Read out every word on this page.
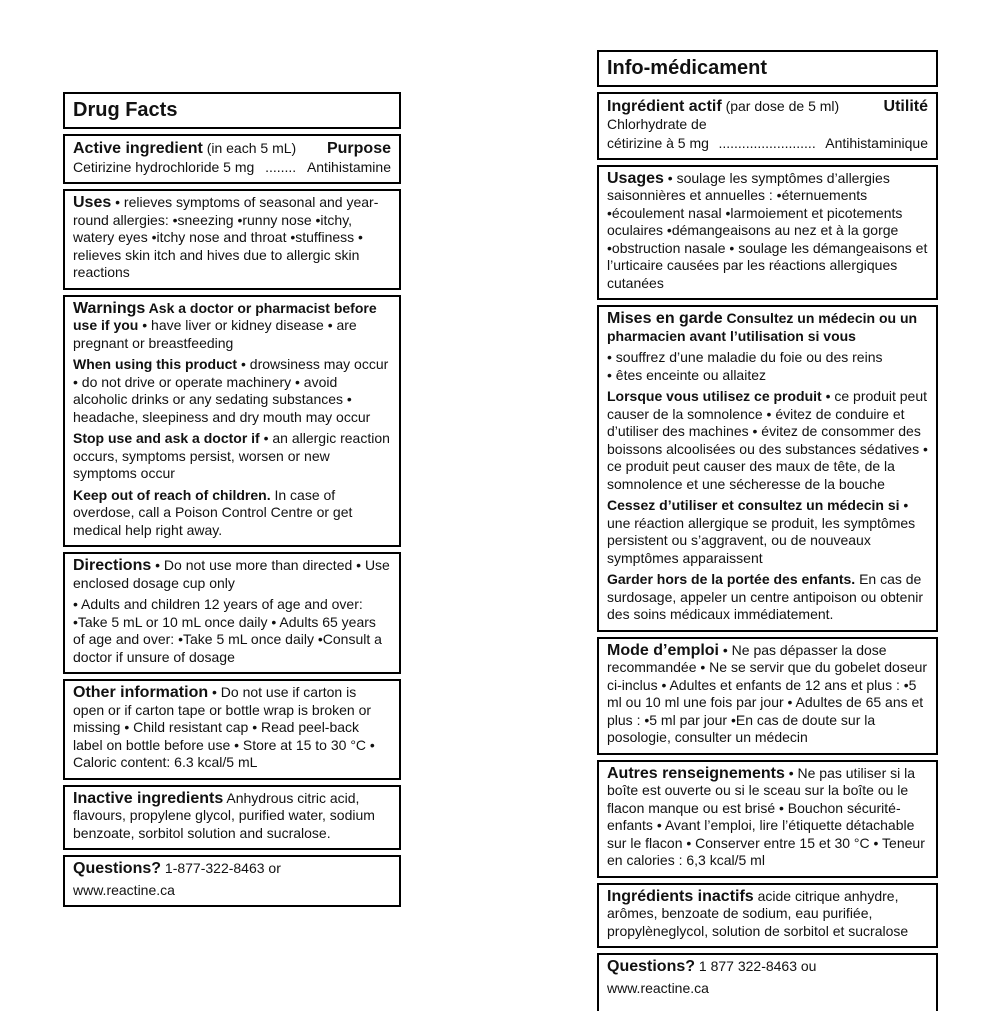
Drug Facts
Active ingredient (in each 5 mL) Purpose
Cetirizine hydrochloride 5 mg ........ Antihistamine

Uses • relieves symptoms of seasonal and year-round allergies: •sneezing •runny nose •itchy, watery eyes •itchy nose and throat •stuffiness • relieves skin itch and hives due to allergic skin reactions

Warnings Ask a doctor or pharmacist before use if you • have liver or kidney disease • are pregnant or breastfeeding

When using this product • drowsiness may occur • do not drive or operate machinery • avoid alcoholic drinks or any sedating substances • headache, sleepiness and dry mouth may occur

Stop use and ask a doctor if • an allergic reaction occurs, symptoms persist, worsen or new symptoms occur

Keep out of reach of children. In case of overdose, call a Poison Control Centre or get medical help right away.

Directions • Do not use more than directed • Use enclosed dosage cup only

• Adults and children 12 years of age and over: •Take 5 mL or 10 mL once daily • Adults 65 years of age and over: •Take 5 mL once daily •Consult a doctor if unsure of dosage

Other information • Do not use if carton is open or if carton tape or bottle wrap is broken or missing • Child resistant cap • Read peel-back label on bottle before use • Store at 15 to 30 °C • Caloric content: 6.3 kcal/5 mL

Inactive ingredients Anhydrous citric acid, flavours, propylene glycol, purified water, sodium benzoate, sorbitol solution and sucralose.

Questions? 1-877-322-8463 or

www.reactine.ca
Info-médicament
Ingrédient actif (par dose de 5 ml)	Utilité
Chlorhydrate de
cétirizine à 5 mg ......................... Antihistaminique

Usages • soulage les symptômes d’allergies saisonnières et annuelles : •éternuements •écoulement nasal •larmoiement et picotements oculaires •démangeaisons au nez et à la gorge •obstruction nasale • soulage les démangeaisons et l’urticaire causées par les réactions allergiques cutanées

Mises en garde Consultez un médecin ou un pharmacien avant l’utilisation si vous

• souffrez d’une maladie du foie ou des reins
• êtes enceinte ou allaitez

Lorsque vous utilisez ce produit • ce produit peut causer de la somnolence • évitez de conduire et d’utiliser des machines • évitez de consommer des boissons alcoolisées ou des substances sédatives • ce produit peut causer des maux de tête, de la somnolence et une sécheresse de la bouche

Cessez d’utiliser et consultez un médecin si • une réaction allergique se produit, les symptômes persistent ou s’aggravent, ou de nouveaux symptômes apparaissent

Garder hors de la portée des enfants. En cas de surdosage, appeler un centre antipoison ou obtenir des soins médicaux immédiatement.

Mode d’emploi • Ne pas dépasser la dose recommandée • Ne se servir que du gobelet doseur ci-inclus • Adultes et enfants de 12 ans et plus : •5 ml ou 10 ml une fois par jour • Adultes de 65 ans et plus : •5 ml par jour •En cas de doute sur la posologie, consulter un médecin

Autres renseignements • Ne pas utiliser si la boîte est ouverte ou si le sceau sur la boîte ou le flacon manque ou est brisé • Bouchon sécurité-enfants • Avant l’emploi, lire l’étiquette détachable sur le flacon • Conserver entre 15 et 30 °C • Teneur en calories : 6,3 kcal/5 ml

Ingrédients inactifs acide citrique anhydre, arômes, benzoate de sodium, eau purifiée, propylèneglycol, solution de sorbitol et sucralose

Questions? 1 877 322-8463 ou

www.reactine.ca
